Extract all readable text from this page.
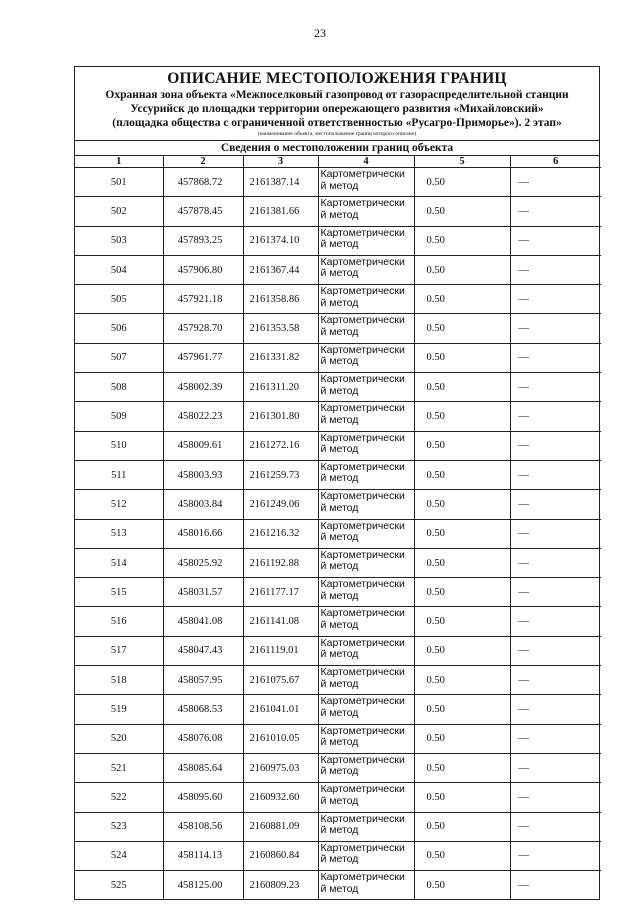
23
ОПИСАНИЕ МЕСТОПОЛОЖЕНИЯ ГРАНИЦ
Охранная зона объекта «Межпоселковый газопровод от газораспределительной станции
Уссурийск до площадки территории опережающего развития «Михайловский»
(площадка общества с ограниченной ответственностью «Русагро-Приморье»). 2 этап»
(наименование объекта, местоположение границ которого описано)
Сведения о местоположении границ объекта
1	2	3	4	5	6
501	457868.72	2161387.14	Картометрически й метод	0.50	—
502	457878.45	2161381.66	Картометрически й метод	0.50	—
503	457893.25	2161374.10	Картометрически й метод	0.50	—
504	457906.80	2161367.44	Картометрически й метод	0.50	—
505	457921.18	2161358.86	Картометрически й метод	0.50	—
506	457928.70	2161353.58	Картометрически й метод	0.50	—
507	457961.77	2161331.82	Картометрически й метод	0.50	—
508	458002.39	2161311.20	Картометрически й метод	0.50	—
509	458022.23	2161301.80	Картометрически й метод	0.50	—
510	458009.61	2161272.16	Картометрически й метод	0.50	—
511	458003.93	2161259.73	Картометрически й метод	0.50	—
512	458003.84	2161249.06	Картометрически й метод	0.50	—
513	458016.66	2161216.32	Картометрически й метод	0.50	—
514	458025.92	2161192.88	Картометрически й метод	0.50	—
515	458031.57	2161177.17	Картометрически й метод	0.50	—
516	458041.08	2161141.08	Картометрически й метод	0.50	—
517	458047.43	2161119.01	Картометрически й метод	0.50	—
518	458057.95	2161075.67	Картометрически й метод	0.50	—
519	458068.53	2161041.01	Картометрически й метод	0.50	—
520	458076.08	2161010.05	Картометрически й метод	0.50	—
521	458085.64	2160975.03	Картометрически й метод	0.50	—
522	458095.60	2160932.60	Картометрически й метод	0.50	—
523	458108.56	2160881.09	Картометрически й метод	0.50	—
524	458114.13	2160860.84	Картометрически й метод	0.50	—
525	458125.00	2160809.23	Картометрически й метод	0.50	—
